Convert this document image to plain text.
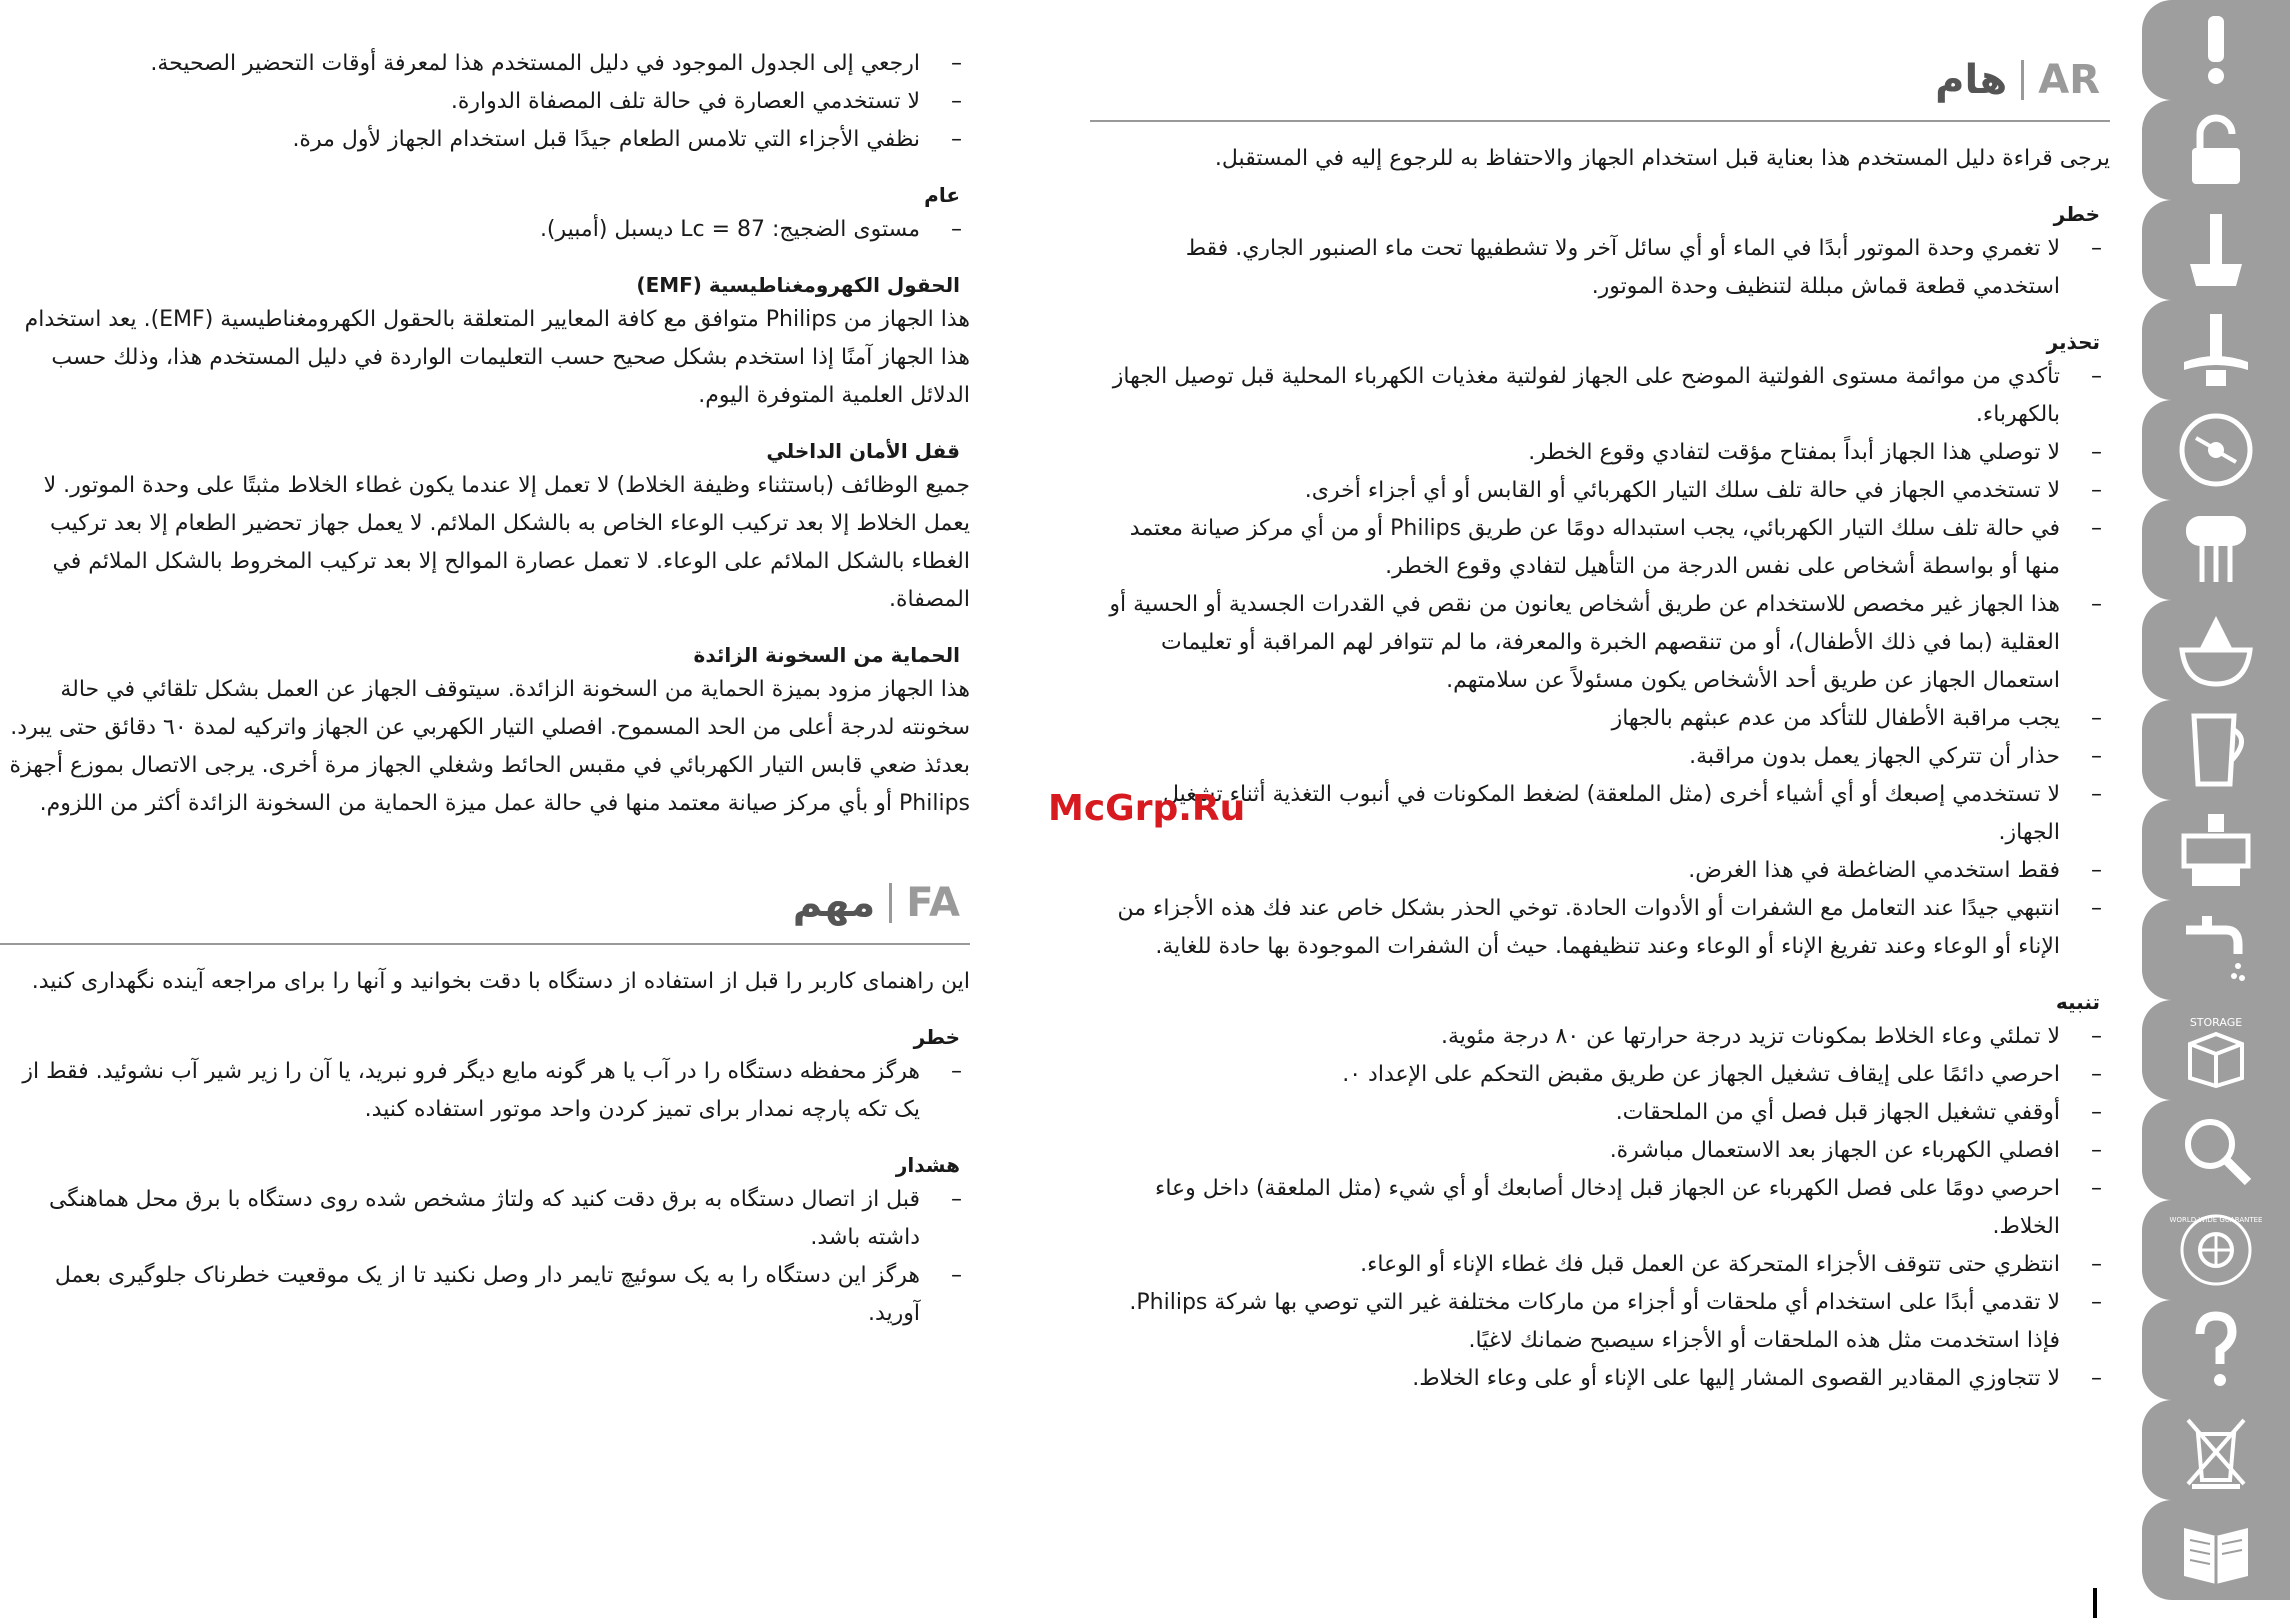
AR
هام

يرجى قراءة دليل المستخدم هذا بعناية قبل استخدام الجهاز والاحتفاظ به للرجوع إليه في المستقبل.

خطر
– لا تغمري وحدة الموتور أبدًا في الماء أو أي سائل آخر ولا تشطفيها تحت ماء الصنبور الجاري. فقط استخدمي قطعة قماش مبللة لتنظيف وحدة الموتور.
تحذير
– تأكدي من موائمة مستوى الفولتية الموضح على الجهاز لفولتية مغذيات الكهرباء المحلية قبل توصيل الجهاز بالكهرباء.
– لا توصلي هذا الجهاز أبداً بمفتاح مؤقت لتفادي وقوع الخطر.
– لا تستخدمي الجهاز في حالة تلف سلك التيار الكهربائي أو القابس أو أي أجزاء أخرى.
– في حالة تلف سلك التيار الكهربائي، يجب استبداله دومًا عن طريق Philips أو من أي مركز صيانة معتمد منها أو بواسطة أشخاص على نفس الدرجة من التأهيل لتفادي وقوع الخطر.
– هذا الجهاز غير مخصص للاستخدام عن طريق أشخاص يعانون من نقص في القدرات الجسدية أو الحسية أو العقلية (بما في ذلك الأطفال)، أو من تنقصهم الخبرة والمعرفة، ما لم تتوافر لهم المراقبة أو تعليمات استعمال الجهاز عن طريق أحد الأشخاص يكون مسئولاً عن سلامتهم.
– يجب مراقبة الأطفال للتأكد من عدم عبثهم بالجهاز
– حذار أن تتركي الجهاز يعمل بدون مراقبة.
– لا تستخدمي إصبعك أو أي أشياء أخرى (مثل الملعقة) لضغط المكونات في أنبوب التغذية أثناء تشغيل الجهاز.
– فقط استخدمي الضاغطة في هذا الغرض.
– انتبهي جيدًا عند التعامل مع الشفرات أو الأدوات الحادة. توخي الحذر بشكل خاص عند فك هذه الأجزاء من الإناء أو الوعاء وعند تفريغ الإناء أو الوعاء وعند تنظيفهما. حيث أن الشفرات الموجودة بها حادة للغاية.
تنبيه
– لا تملئي وعاء الخلاط بمكونات تزيد درجة حرارتها عن ٨٠ درجة مئوية.
– احرصي دائمًا على إيقاف تشغيل الجهاز عن طريق مقبض التحكم على الإعداد ٠.
– أوقفي تشغيل الجهاز قبل فصل أي من الملحقات.
– افصلي الكهرباء عن الجهاز بعد الاستعمال مباشرة.
– احرصي دومًا على فصل الكهرباء عن الجهاز قبل إدخال أصابعك أو أي شيء (مثل الملعقة) داخل وعاء الخلاط.
– انتظري حتى تتوقف الأجزاء المتحركة عن العمل قبل فك غطاء الإناء أو الوعاء.
– لا تقدمي أبدًا على استخدام أي ملحقات أو أجزاء من ماركات مختلفة غير التي توصي بها شركة Philips. فإذا استخدمت مثل هذه الملحقات أو الأجزاء سيصبح ضمانك لاغيًا.
– لا تتجاوزي المقادير القصوى المشار إليها على الإناء أو على وعاء الخلاط.
– ارجعي إلى الجدول الموجود في دليل المستخدم هذا لمعرفة أوقات التحضير الصحيحة.
– لا تستخدمي العصارة في حالة تلف المصفاة الدوارة.
– نظفي الأجزاء التي تلامس الطعام جيدًا قبل استخدام الجهاز لأول مرة.
عام
– مستوى الضجيج: Lc = 87 ديسبل (أمبير).
الحقول الكهرومغناطيسية (EMF)

هذا الجهاز من Philips متوافق مع كافة المعايير المتعلقة بالحقول الكهرومغناطيسية (EMF). يعد استخدام هذا الجهاز آمنًا إذا استخدم بشكل صحيح حسب التعليمات الواردة في دليل المستخدم هذا، وذلك حسب الدلائل العلمية المتوفرة اليوم.

قفل الأمان الداخلي

جميع الوظائف (باستثناء وظيفة الخلاط) لا تعمل إلا عندما يكون غطاء الخلاط مثبتًا على وحدة الموتور. لا يعمل الخلاط إلا بعد تركيب الوعاء الخاص به بالشكل الملائم. لا يعمل جهاز تحضير الطعام إلا بعد تركيب الغطاء بالشكل الملائم على الوعاء. لا تعمل عصارة الموالح إلا بعد تركيب المخروط بالشكل الملائم في المصفاة.

الحماية من السخونة الزائدة

هذا الجهاز مزود بميزة الحماية من السخونة الزائدة. سيتوقف الجهاز عن العمل بشكل تلقائي في حالة سخونته لدرجة أعلى من الحد المسموح. افصلي التيار الكهربي عن الجهاز واتركيه لمدة ٦٠ دقائق حتى يبرد. بعدئذ ضعي قابس التيار الكهربائي في مقبس الحائط وشغلي الجهاز مرة أخرى. يرجى الاتصال بموزع أجهزة Philips أو بأي مركز صيانة معتمد منها في حالة عمل ميزة الحماية من السخونة الزائدة أكثر من اللزوم.

FA
مهم

این راهنمای کاربر را قبل از استفاده از دستگاه با دقت بخوانید و آنها را برای مراجعه آینده نگهداری کنید.

خطر
– هرگز محفظه دستگاه را در آب یا هر گونه مایع دیگر فرو نبرید، یا آن را زیر شیر آب نشوئید. فقط از یک تکه پارچه نمدار برای تمیز کردن واحد موتور استفاده کنید.
هشدار
– قبل از اتصال دستگاه به برق دقت کنید که ولتاژ مشخص شده روی دستگاه با برق محل هماهنگی داشته باشد.
– هرگز این دستگاه را به یک سوئیچ تایمر دار وصل نکنید تا از یک موقعیت خطرناک جلوگیری بعمل آورید.
McGrp.Ru
STORAGE
WORLD-WIDE GUARANTEE
